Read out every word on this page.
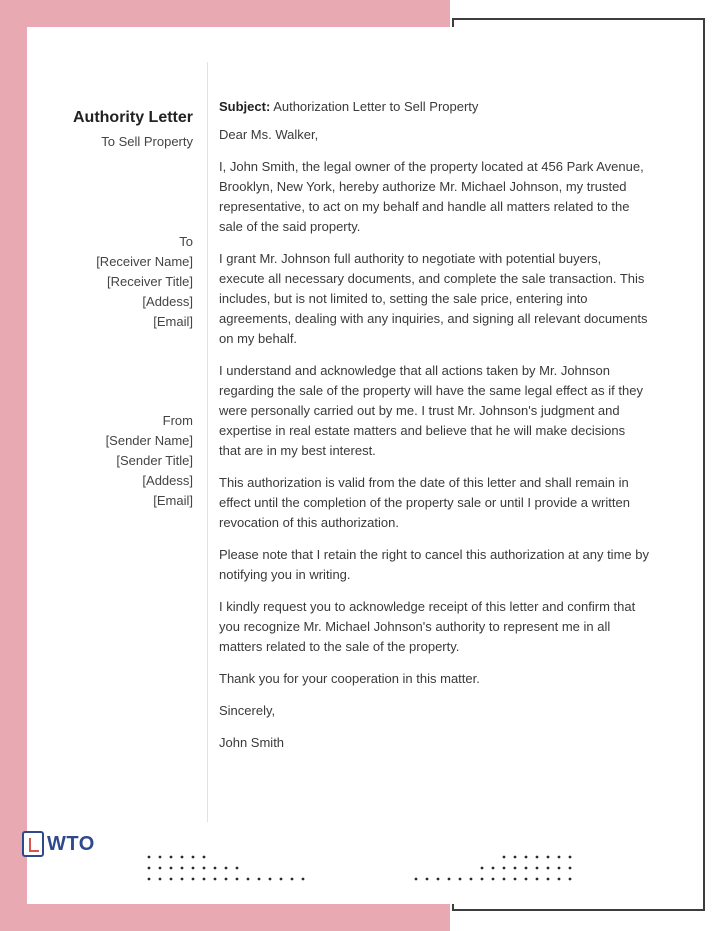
Authority Letter
To Sell Property
To
[Receiver Name]
[Receiver Title]
[Addess]
[Email]
From
[Sender Name]
[Sender Title]
[Addess]
[Email]
Subject: Authorization Letter to Sell Property
Dear Ms. Walker,
I, John Smith, the legal owner of the property located at 456 Park Avenue, Brooklyn, New York, hereby authorize Mr. Michael Johnson, my trusted representative, to act on my behalf and handle all matters related to the sale of the said property.
I grant Mr. Johnson full authority to negotiate with potential buyers, execute all necessary documents, and complete the sale transaction. This includes, but is not limited to, setting the sale price, entering into agreements, dealing with any inquiries, and signing all relevant documents on my behalf.
I understand and acknowledge that all actions taken by Mr. Johnson regarding the sale of the property will have the same legal effect as if they were personally carried out by me. I trust Mr. Johnson's judgment and expertise in real estate matters and believe that he will make decisions that are in my best interest.
This authorization is valid from the date of this letter and shall remain in effect until the completion of the property sale or until I provide a written revocation of this authorization.
Please note that I retain the right to cancel this authorization at any time by notifying you in writing.
I kindly request you to acknowledge receipt of this letter and confirm that you recognize Mr. Michael Johnson's authority to represent me in all matters related to the sale of the property.
Thank you for your cooperation in this matter.
Sincerely,
John Smith
WTO
